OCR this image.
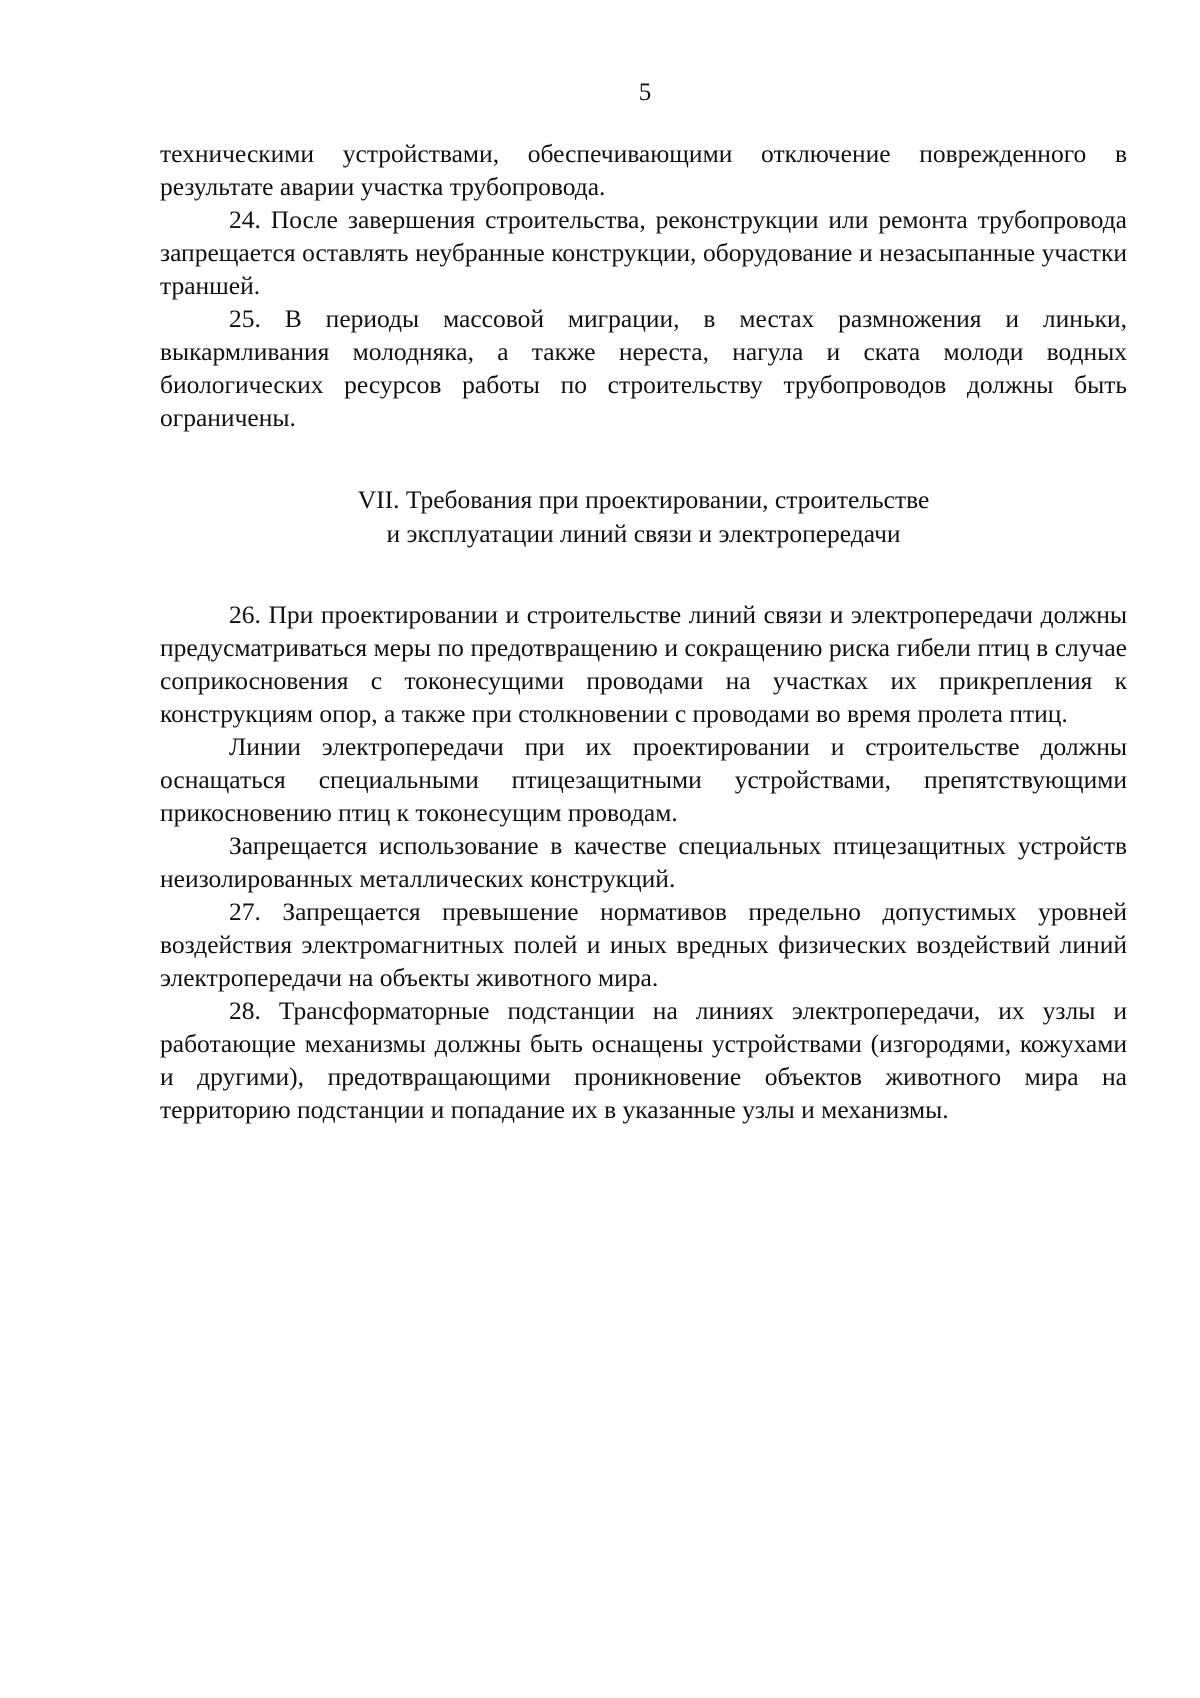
5

техническими устройствами, обеспечивающими отключение поврежденного в результате аварии участка трубопровода.

24. После завершения строительства, реконструкции или ремонта трубопровода запрещается оставлять неубранные конструкции, оборудование и незасыпанные участки траншей.

25. В периоды массовой миграции, в местах размножения и линьки, выкармливания молодняка, а также нереста, нагула и ската молоди водных биологических ресурсов работы по строительству трубопроводов должны быть ограничены.

VII. Требования при проектировании, строительстве
и эксплуатации линий связи и электропередачи

26. При проектировании и строительстве линий связи и электропередачи должны предусматриваться меры по предотвращению и сокращению риска гибели птиц в случае соприкосновения с токонесущими проводами на участках их прикрепления к конструкциям опор, а также при столкновении с проводами во время пролета птиц.

Линии электропередачи при их проектировании и строительстве должны оснащаться специальными птицезащитными устройствами, препятствующими прикосновению птиц к токонесущим проводам.

Запрещается использование в качестве специальных птицезащитных устройств неизолированных металлических конструкций.

27. Запрещается превышение нормативов предельно допустимых уровней воздействия электромагнитных полей и иных вредных физических воздействий линий электропередачи на объекты животного мира.

28. Трансформаторные подстанции на линиях электропередачи, их узлы и работающие механизмы должны быть оснащены устройствами (изгородями, кожухами и другими), предотвращающими проникновение объектов животного мира на территорию подстанции и попадание их в указанные узлы и механизмы.
